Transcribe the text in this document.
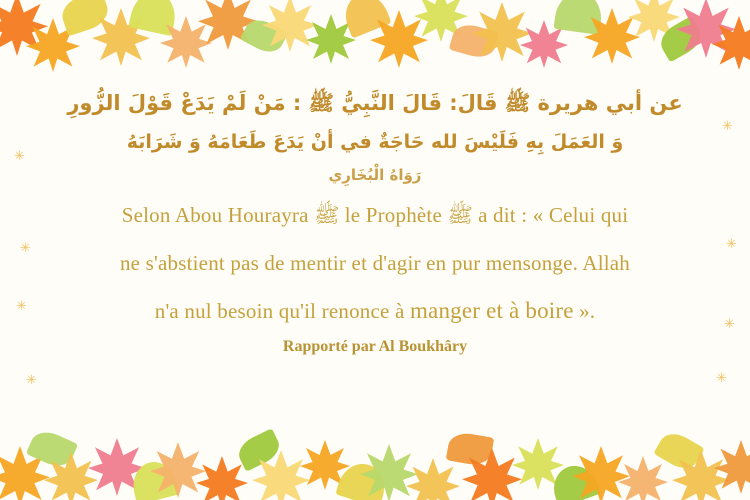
✳
✳
✳	✳
✳
✳
✳	✳
عن أبي هريرة ﷺ قَالَ: قَالَ النَّبِيُّ ﷺ : مَنْ لَمْ يَدَعْ قَوْلَ الزُّورِ
وَ العَمَلَ بِهِ فَلَيْسَ لله حَاجَةٌ في أنْ يَدَعَ طَعَامَهُ وَ شَرَابَهُ
رَوَاهُ الْبُخَارِي
Selon Abou Hourayra ﷺ le Prophète ﷺ a dit : « Celui qui
ne s'abstient pas de mentir et d'agir en pur mensonge. Allah
n'a nul besoin qu'il renonce à manger et à boire ».
Rapporté par Al Boukhâry
